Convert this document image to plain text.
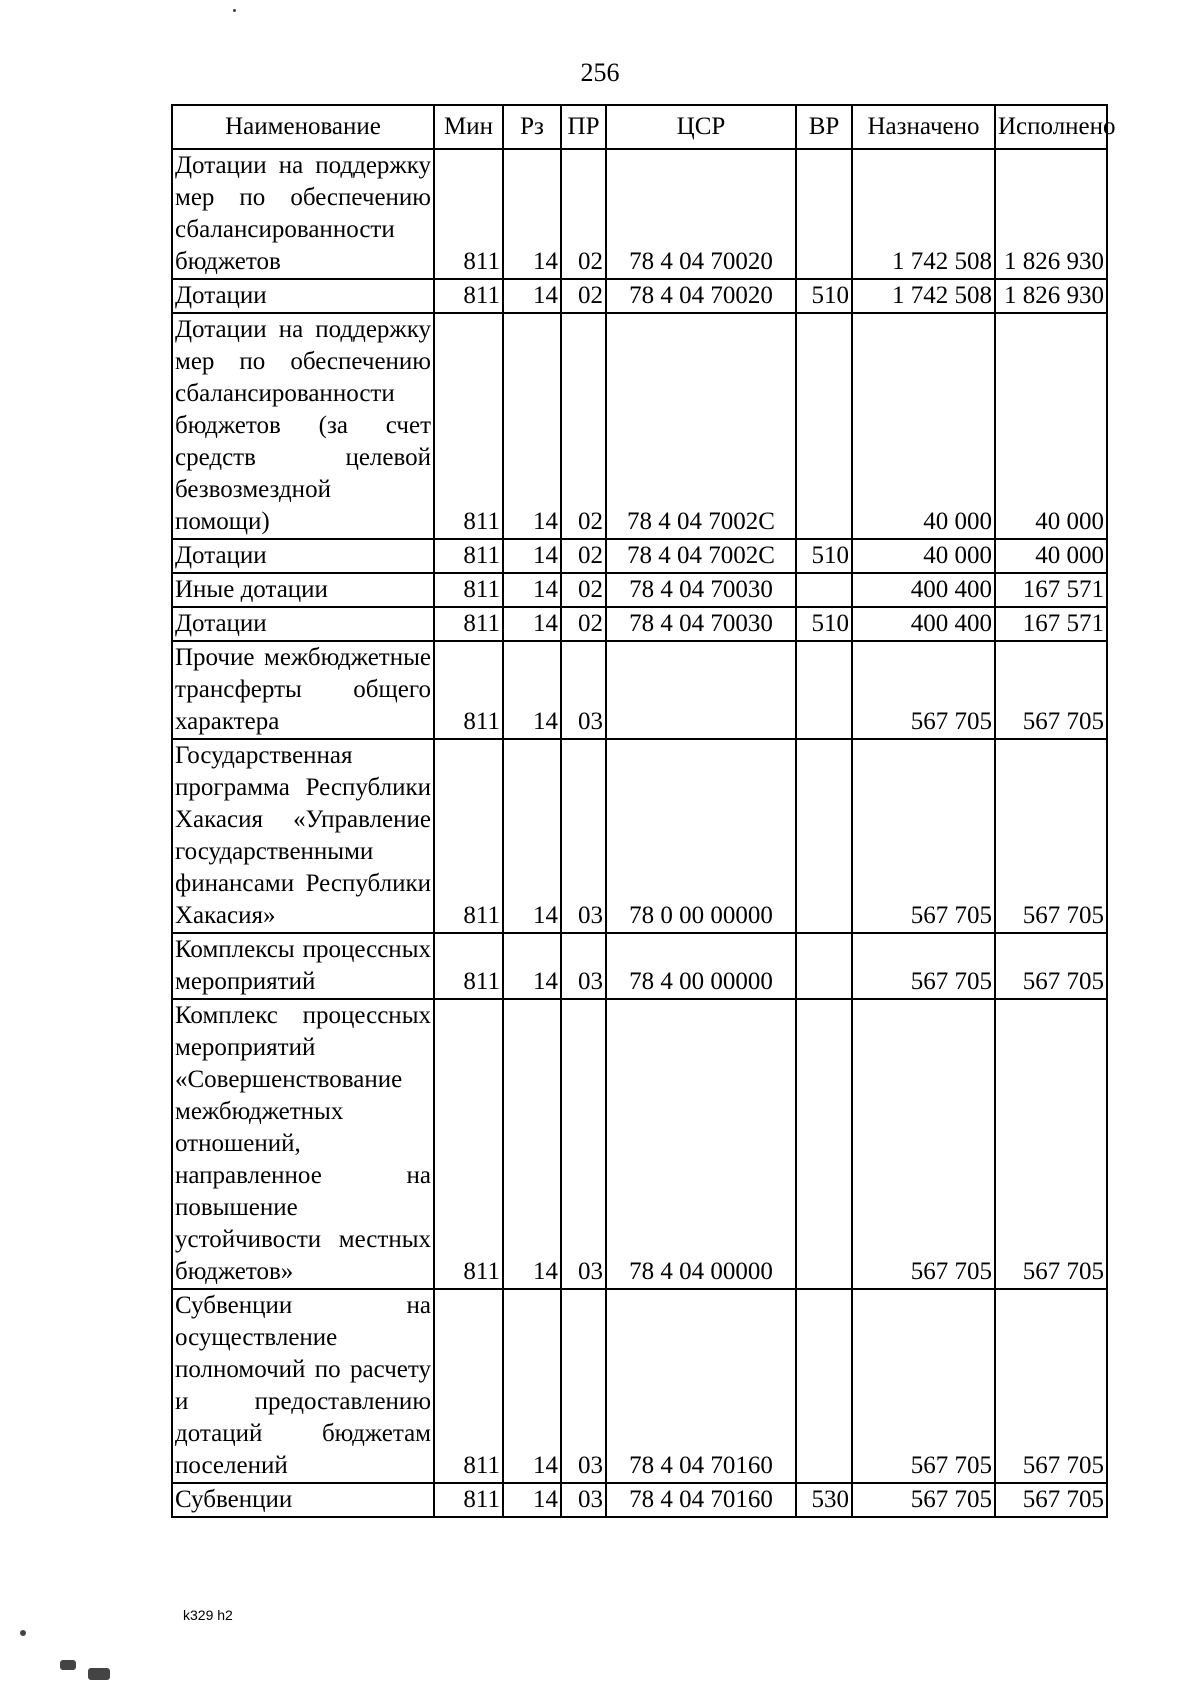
256
Наименование	Мин	Рз	ПР	ЦСР	ВР	Назначено	Исполнено
Дотации на поддержку мер по обеспечению сбалансированности бюджетов	811	14	02	78 4 04 70020		1 742 508	1 826 930
Дотации	811	14	02	78 4 04 70020	510	1 742 508	1 826 930
Дотации на поддержку мер по обеспечению сбалансированности бюджетов (за счет средств целевой безвозмездной помощи)	811	14	02	78 4 04 7002C		40 000	40 000
Дотации	811	14	02	78 4 04 7002C	510	40 000	40 000
Иные дотации	811	14	02	78 4 04 70030		400 400	167 571
Дотации	811	14	02	78 4 04 70030	510	400 400	167 571
Прочие межбюджетные трансферты общего характера	811	14	03			567 705	567 705
Государственная программа Республики Хакасия «Управление государственными финансами Республики Хакасия»	811	14	03	78 0 00 00000		567 705	567 705
Комплексы процессных мероприятий	811	14	03	78 4 00 00000		567 705	567 705
Комплекс процессных мероприятий «Совершенствование межбюджетных отношений, направленное на повышение устойчивости местных бюджетов»	811	14	03	78 4 04 00000		567 705	567 705
Субвенции на осуществление полномочий по расчету и предоставлению дотаций бюджетам поселений	811	14	03	78 4 04 70160		567 705	567 705
Субвенции	811	14	03	78 4 04 70160	530	567 705	567 705
k329 h2
